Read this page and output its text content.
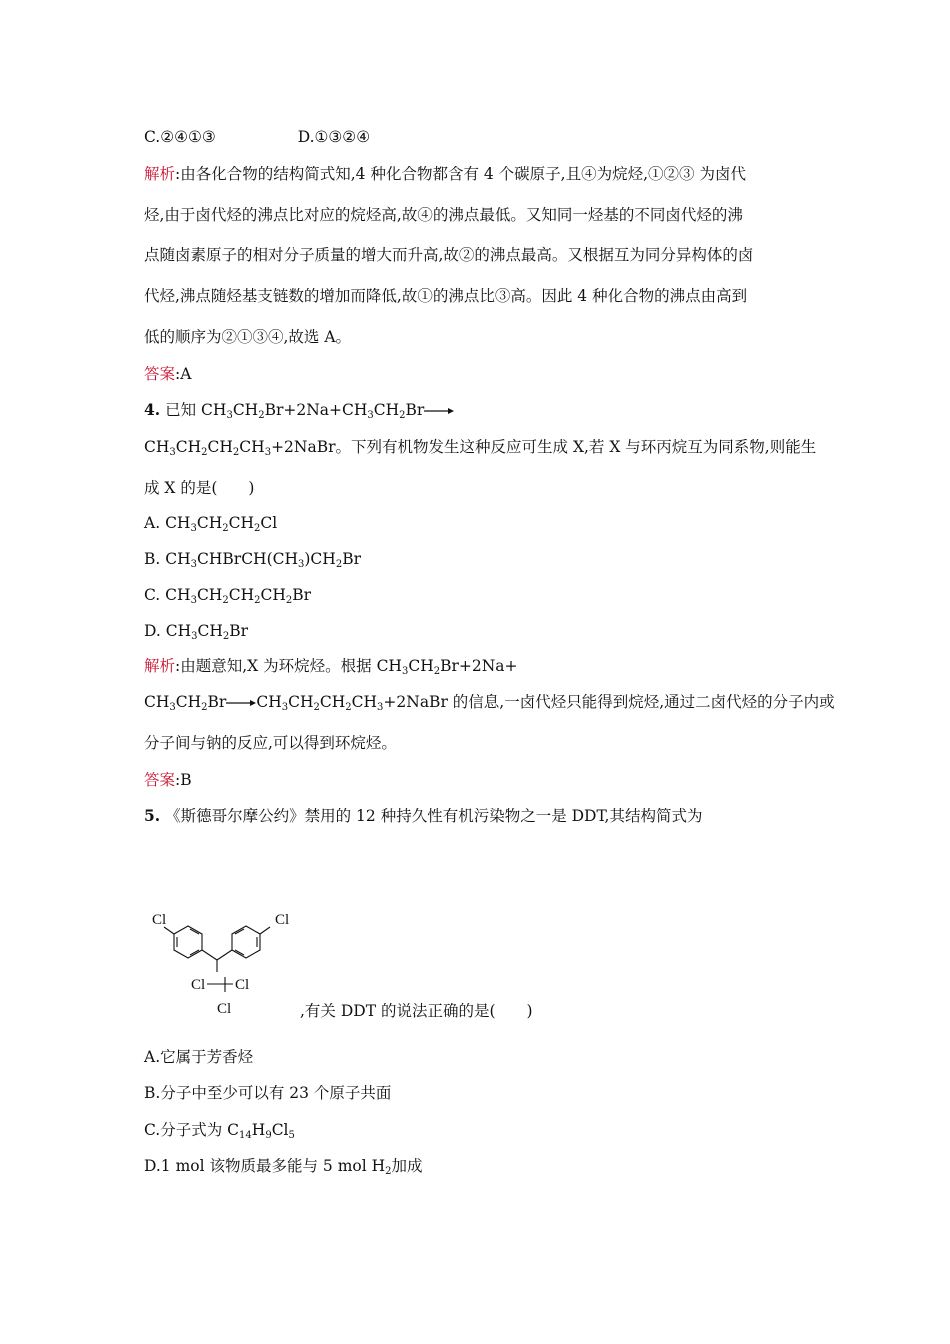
C.②④①③	D.①③②④
解析:由各化合物的结构简式知,4 种化合物都含有 4 个碳原子,且④为烷烃,①②③ 为卤代
烃,由于卤代烃的沸点比对应的烷烃高,故④的沸点最低。又知同一烃基的不同卤代烃的沸
点随卤素原子的相对分子质量的增大而升高,故②的沸点最高。又根据互为同分异构体的卤
代烃,沸点随烃基支链数的增加而降低,故①的沸点比③高。因此 4 种化合物的沸点由高到
低的顺序为②①③④,故选 A。
答案:A
4. 已知 $CH_3CH_2Br+2Na+CH_3CH_2Br\to$
$CH_3CH_2CH_2CH_3+2NaBr$。下列有机物发生这种反应可生成 X,若 X 与环丙烷互为同系物,则能生
成 X 的是(　　)
A. $CH_3CH_2CH_2Cl$
B. $CH_3CHBrCH(CH_3)CH_2Br$
C. $CH_3CH_2CH_2CH_2Br$
D. $CH_3CH_2Br$
解析:由题意知,X 为环烷烃。根据 $CH_3CH_2Br+2Na+$
$CH_3CH_2Br\to CH_3CH_2CH_2CH_3+2NaBr$ 的信息,一卤代烃只能得到烷烃,通过二卤代烃的分子内或
分子间与钠的反应,可以得到环烷烃。
答案:B
5. 《斯德哥尔摩公约》禁用的 12 种持久性有机污染物之一是 DDT,其结构简式为
Cl	Cl
Cl Cl
Cl	,有关 DDT 的说法正确的是(　　)
A.它属于芳香烃
B.分子中至少可以有 23 个原子共面
C.分子式为 $C_{14}H_9Cl_5$
D.1 mol 该物质最多能与 5 mol $H_2$加成
